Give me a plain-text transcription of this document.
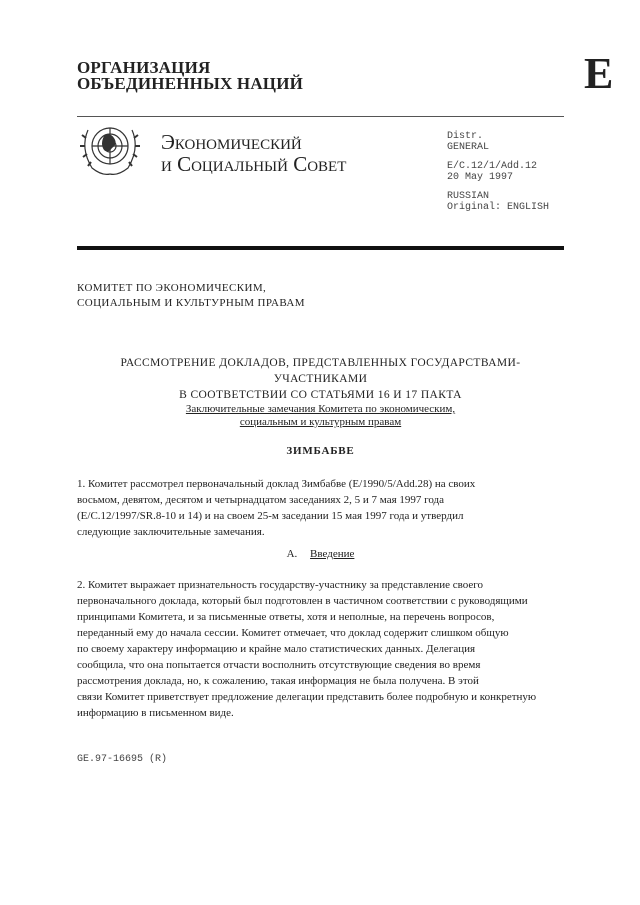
ОРГАНИЗАЦИЯ
ОБЪЕДИНЕННЫХ НАЦИЙ	E
Экономический
и Социальный Совет
Distr.
GENERAL
E/C.12/1/Add.12
20 May 1997
RUSSIAN
Original: ENGLISH
КОМИТЕТ ПО ЭКОНОМИЧЕСКИМ,
СОЦИАЛЬНЫМ И КУЛЬТУРНЫМ ПРАВАМ
РАССМОТРЕНИЕ ДОКЛАДОВ, ПРЕДСТАВЛЕННЫХ ГОСУДАРСТВАМИ-УЧАСТНИКАМИ
В СООТВЕТСТВИИ СО СТАТЬЯМИ 16 И 17 ПАКТА
Заключительные замечания Комитета по экономическим,
социальным и культурным правам
ЗИМБАБВЕ
1. Комитет рассмотрел первоначальный доклад Зимбабве (E/1990/5/Add.28) на своих
восьмом, девятом, десятом и четырнадцатом заседаниях 2, 5 и 7 мая 1997 года
(E/C.12/1997/SR.8-10 и 14) и на своем 25-м заседании 15 мая 1997 года и утвердил
следующие заключительные замечания.
A. Введение
2. Комитет выражает признательность государству-участнику за представление своего
первоначального доклада, который был подготовлен в частичном соответствии с руководящими
принципами Комитета, и за письменные ответы, хотя и неполные, на перечень вопросов,
переданный ему до начала сессии. Комитет отмечает, что доклад содержит слишком общую
по своему характеру информацию и крайне мало статистических данных. Делегация
сообщила, что она попытается отчасти восполнить отсутствующие сведения во время
рассмотрения доклада, но, к сожалению, такая информация не была получена. В этой
связи Комитет приветствует предложение делегации представить более подробную и конкретную
информацию в письменном виде.
GE.97-16695 (R)
